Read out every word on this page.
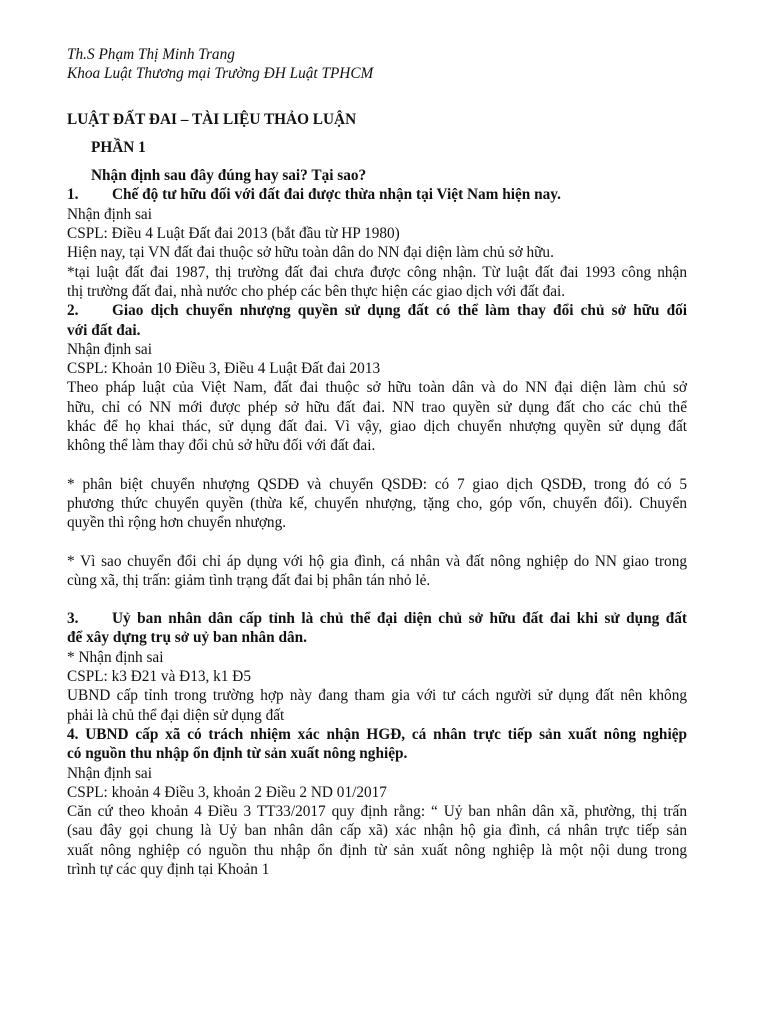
Th.S Phạm Thị Minh Trang
Khoa Luật Thương mại Trường ĐH Luật TPHCM
LUẬT ĐẤT ĐAI – TÀI LIỆU THẢO LUẬN
PHẦN 1
Nhận định sau đây đúng hay sai? Tại sao?
1. Chế độ tư hữu đối với đất đai được thừa nhận tại Việt Nam hiện nay.
Nhận định sai
CSPL: Điều 4 Luật Đất đai 2013 (bắt đầu từ HP 1980)
Hiện nay, tại VN đất đai thuộc sở hữu toàn dân do NN đại diện làm chủ sở hữu.
*tại luật đất đai 1987, thị trường đất đai chưa được công nhận. Từ luật đất đai 1993 công nhận
thị trường đất đai, nhà nước cho phép các bên thực hiện các giao dịch với đất đai.
2. Giao dịch chuyển nhượng quyền sử dụng đất có thể làm thay đổi chủ sở hữu đối
với đất đai.
Nhận định sai
CSPL: Khoản 10 Điều 3, Điều 4 Luật Đất đai 2013
Theo pháp luật của Việt Nam, đất đai thuộc sở hữu toàn dân và do NN đại diện làm chủ sở
hữu, chỉ có NN mới được phép sở hữu đất đai. NN trao quyền sử dụng đất cho các chủ thể
khác để họ khai thác, sử dụng đất đai. Vì vậy, giao dịch chuyển nhượng quyền sử dụng đất
không thể làm thay đổi chủ sở hữu đối với đất đai.
* phân biệt chuyển nhượng QSDĐ và chuyển QSDĐ: có 7 giao dịch QSDĐ, trong đó có 5
phương thức chuyển quyền (thừa kế, chuyển nhượng, tặng cho, góp vốn, chuyển đổi). Chuyển
quyền thì rộng hơn chuyển nhượng.
* Vì sao chuyển đổi chỉ áp dụng với hộ gia đình, cá nhân và đất nông nghiệp do NN giao trong
cùng xã, thị trấn: giảm tình trạng đất đai bị phân tán nhỏ lẻ.
3. Uỷ ban nhân dân cấp tỉnh là chủ thể đại diện chủ sở hữu đất đai khi sử dụng đất
để xây dựng trụ sở uỷ ban nhân dân.
* Nhận định sai
CSPL: k3 Đ21 và Đ13, k1 Đ5
UBND cấp tỉnh trong trường hợp này đang tham gia với tư cách người sử dụng đất nên không
phải là chủ thể đại diện sử dụng đất
4. UBND cấp xã có trách nhiệm xác nhận HGĐ, cá nhân trực tiếp sản xuất nông nghiệp
có nguồn thu nhập ổn định từ sản xuất nông nghiệp.
Nhận định sai
CSPL: khoản 4 Điều 3, khoản 2 Điều 2 ND 01/2017
Căn cứ theo khoản 4 Điều 3 TT33/2017 quy định rằng: “ Uỷ ban nhân dân xã, phường, thị trấn
(sau đây gọi chung là Uỷ ban nhân dân cấp xã) xác nhận hộ gia đình, cá nhân trực tiếp sản
xuất nông nghiệp có nguồn thu nhập ổn định từ sản xuất nông nghiệp là một nội dung trong
trình tự các quy định tại Khoản 1
